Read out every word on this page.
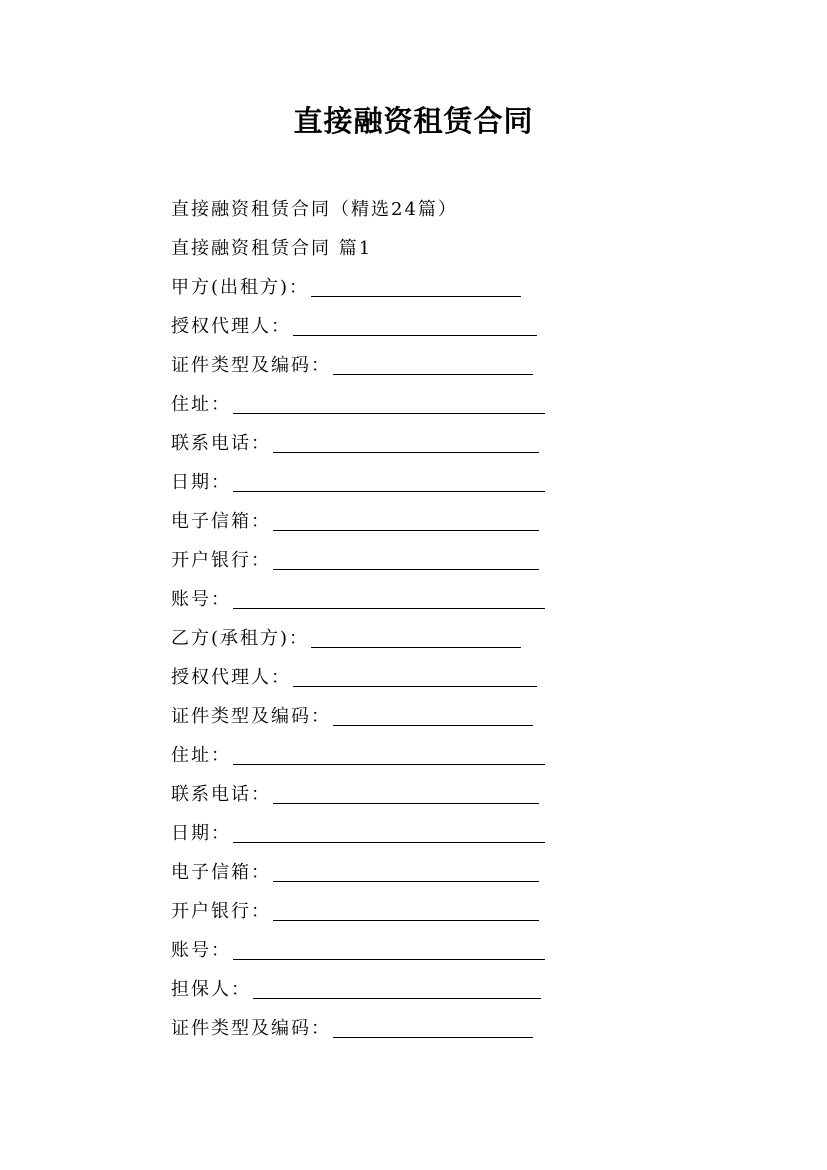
直接融资租赁合同
直接融资租赁合同（精选24篇）
直接融资租赁合同 篇1
甲方(出租方)：
授权代理人：
证件类型及编码：
住址：
联系电话：
日期：
电子信箱：
开户银行：
账号：
乙方(承租方)：
授权代理人：
证件类型及编码：
住址：
联系电话：
日期：
电子信箱：
开户银行：
账号：
担保人：
证件类型及编码：
